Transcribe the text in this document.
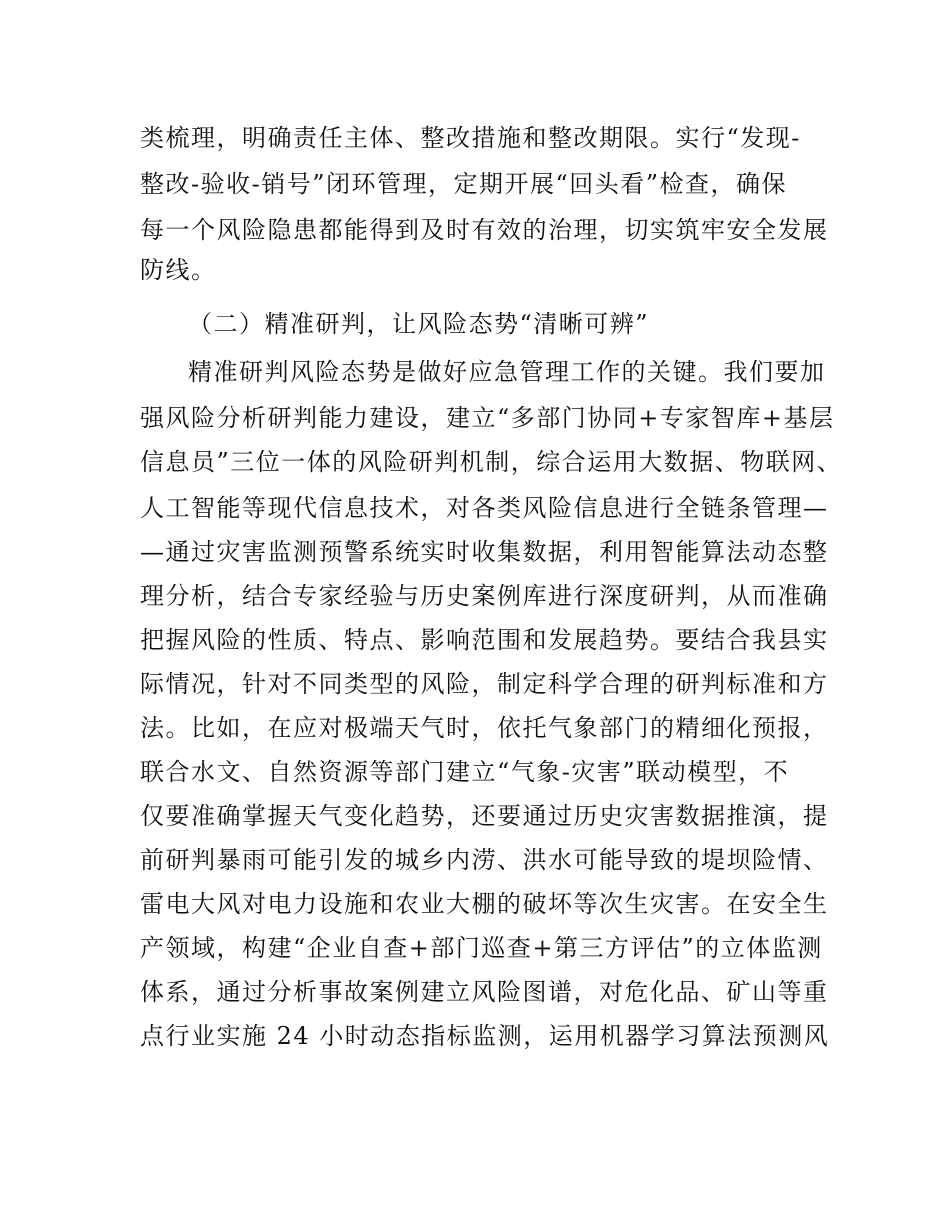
类梳理，明确责任主体、整改措施和整改期限。实行“发现-
整改-验收-销号”闭环管理，定期开展“回头看”检查，确保
每一个风险隐患都能得到及时有效的治理，切实筑牢安全发展
防线。
（二）精准研判，让风险态势“清晰可辨”
精准研判风险态势是做好应急管理工作的关键。我们要加
强风险分析研判能力建设，建立“多部门协同+专家智库+基层
信息员”三位一体的风险研判机制，综合运用大数据、物联网、
人工智能等现代信息技术，对各类风险信息进行全链条管理—
—通过灾害监测预警系统实时收集数据，利用智能算法动态整
理分析，结合专家经验与历史案例库进行深度研判，从而准确
把握风险的性质、特点、影响范围和发展趋势。要结合我县实
际情况，针对不同类型的风险，制定科学合理的研判标准和方
法。比如，在应对极端天气时，依托气象部门的精细化预报，
联合水文、自然资源等部门建立“气象-灾害”联动模型，不
仅要准确掌握天气变化趋势，还要通过历史灾害数据推演，提
前研判暴雨可能引发的城乡内涝、洪水可能导致的堤坝险情、
雷电大风对电力设施和农业大棚的破坏等次生灾害。在安全生
产领域，构建“企业自查+部门巡查+第三方评估”的立体监测
体系，通过分析事故案例建立风险图谱，对危化品、矿山等重
点行业实施 24 小时动态指标监测，运用机器学习算法预测风
